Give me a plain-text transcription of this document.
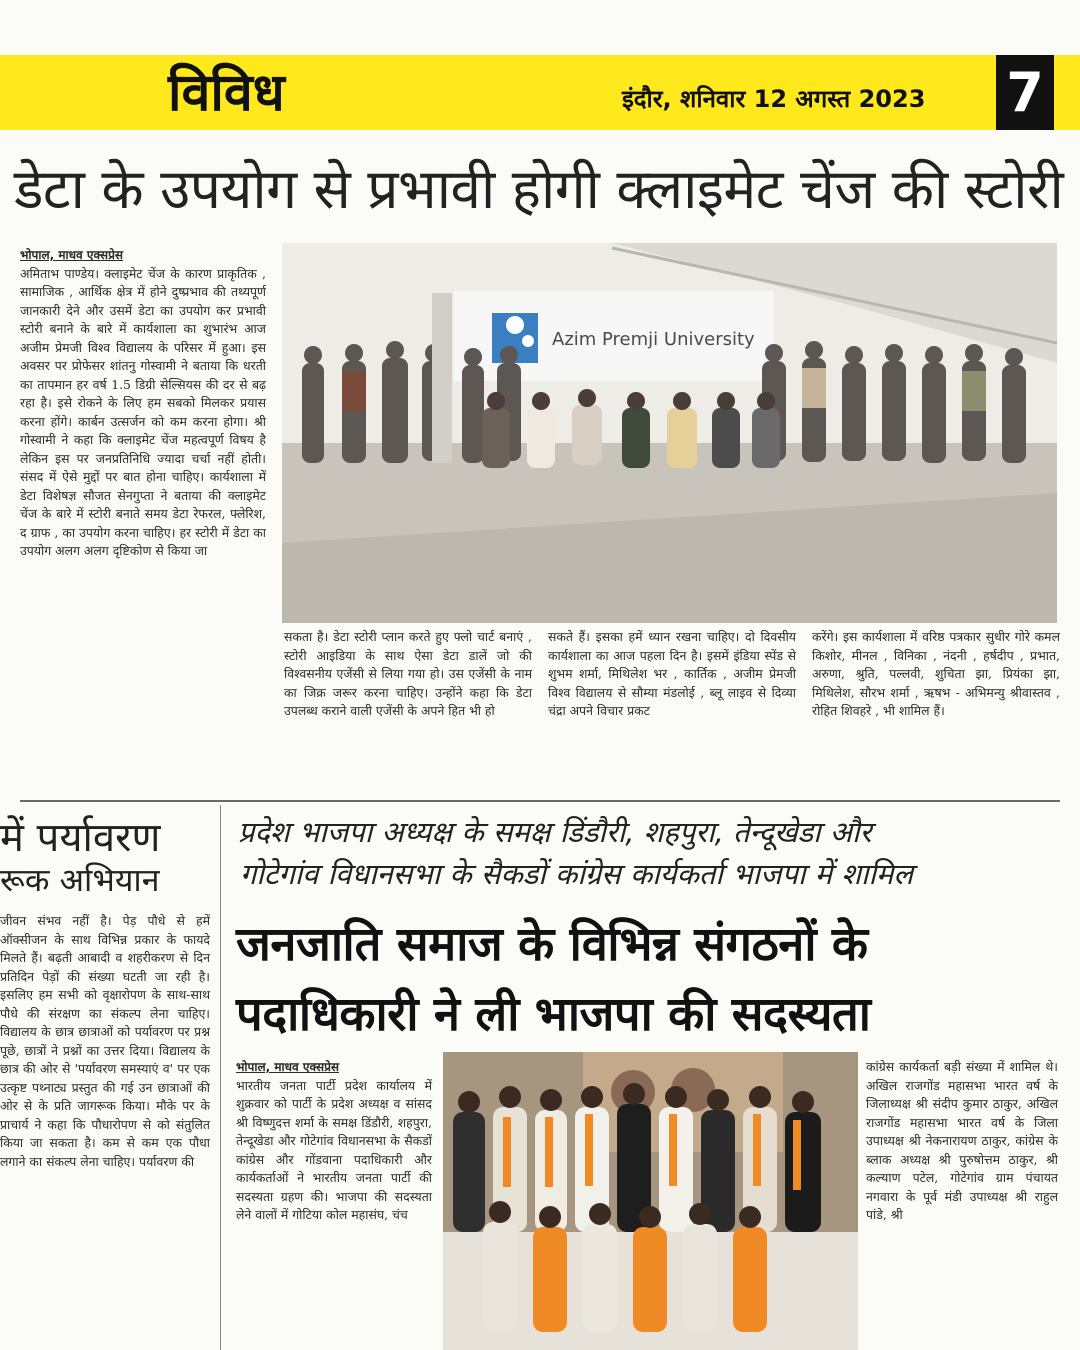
विविध	इंदौर, शनिवार 12 अगस्त 2023 7
डेटा के उपयोग से प्रभावी होगी क्लाइमेट चेंज की स्टोरी
भोपाल, माधव एक्सप्रेस

अमिताभ पाण्डेय। क्लाइमेट चेंज के कारण प्राकृतिक , सामाजिक , आर्थिक क्षेत्र में होने दुष्प्रभाव की तथ्यपूर्ण जानकारी देने और उसमें डेटा का उपयोग कर प्रभावी स्टोरी बनाने के बारे में कार्यशाला का शुभारंभ आज अजीम प्रेमजी विश्व विद्यालय के परिसर में हुआ। इस अवसर पर प्रोफेसर शांतनु गोस्वामी ने बताया कि धरती का तापमान हर वर्ष 1.5 डिग्री सेल्सियस की दर से बढ़ रहा है। इसे रोकने के लिए हम सबको मिलकर प्रयास करना होंगे। कार्बन उत्सर्जन को कम करना होगा। श्री गोस्वामी ने कहा कि क्लाइमेट चेंज महत्वपूर्ण विषय है लेकिन इस पर जनप्रतिनिधि ज्यादा चर्चा नहीं होती। संसद में ऐसे मुद्दों पर बात होना चाहिए। कार्यशाला में डेटा विशेषज्ञ सौजत सेनगुप्ता ने बताया की क्लाइमेट चेंज के बारे में स्टोरी बनाते समय डेटा रेफरल, फ्लेरिश, द ग्राफ , का उपयोग करना चाहिए। हर स्टोरी में डेटा का उपयोग अलग अलग दृष्टिकोण से किया जा

Azim Premji University

सकता है। डेटा स्टोरी प्लान करते हुए फ्लो चार्ट बनाएं , स्टोरी आइडिया के साथ ऐसा डेटा डालें जो की विश्वसनीय एजेंसी से लिया गया हो। उस एजेंसी के नाम का जिक्र जरूर करना चाहिए। उन्होंने कहा कि डेटा उपलब्ध कराने वाली एजेंसी के अपने हित भी हो

सकते हैं। इसका हमें ध्यान रखना चाहिए। दो दिवसीय कार्यशाला का आज पहला दिन है। इसमें इंडिया स्पेंड से शुभम शर्मा, मिथिलेश भर , कार्तिक , अजीम प्रेमजी विश्व विद्यालय से सौम्या मंडलोई , ब्लू लाइव से दिव्या चंद्रा अपने विचार प्रकट

करेंगे। इस कार्यशाला में वरिष्ठ पत्रकार सुधीर गोरे कमल किशोर, मीनल , विनिका , नंदनी , हर्षदीप , प्रभात, अरुणा, श्रुति, पल्लवी, शुचिता झा, प्रियंका झा, मिथिलेश, सौरभ शर्मा , ऋषभ - अभिमन्यु श्रीवास्तव , रोहित शिवहरे , भी शामिल हैं।

में पर्यावरण
रूक अभियान

जीवन संभव नहीं है। पेड़ पौधे से हमें ऑक्सीजन के साथ विभिन्न प्रकार के फायदे मिलते हैं। बढ़ती आबादी व शहरीकरण से दिन प्रतिदिन पेड़ों की संख्या घटती जा रही है। इसलिए हम सभी को वृक्षारोपण के साथ-साथ पौधे की संरक्षण का संकल्प लेना चाहिए। विद्यालय के छात्र छात्राओं को पर्यावरण पर प्रश्न पूछे, छात्रों ने प्रश्नों का उत्तर दिया। विद्यालय के छात्र की ओर से 'पर्यावरण समस्याएं व' पर एक उत्कृष्ट पथ्नाट्य प्रस्तुत की गई उन छात्राओं की ओर से के प्रति जागरूक किया। मौके पर के प्राचार्य ने कहा कि पौधारोपण से को संतुलित किया जा सकता है। कम से कम एक पौधा लगाने का संकल्प लेना चाहिए। पर्यावरण की

प्रदेश भाजपा अध्यक्ष के समक्ष डिंडौरी, शहपुरा, तेन्दूखेडा और
गोटेगांव विधानसभा के सैकडों कांग्रेस कार्यकर्ता भाजपा में शामिल
जनजाति समाज के विभिन्न संगठनों के
पदाधिकारी ने ली भाजपा की सदस्यता
भोपाल, माधव एक्सप्रेस

भारतीय जनता पार्टी प्रदेश कार्यालय में शुक्रवार को पार्टी के प्रदेश अध्यक्ष व सांसद श्री विष्णुदत्त शर्मा के समक्ष डिंडौरी, शहपुरा, तेन्दूखेडा और गोटेगांव विधानसभा के सैकडों कांग्रेस और गोंडवाना पदाधिकारी और कार्यकर्ताओं ने भारतीय जनता पार्टी की सदस्यता ग्रहण की। भाजपा की सदस्यता लेने वालों में गोटिया कोल महासंघ, चंच

कांग्रेस कार्यकर्ता बड़ी संख्या में शामिल थे। अखिल राजगोंड महासभा भारत वर्ष के जिलाध्यक्ष श्री संदीप कुमार ठाकुर, अखिल राजगोंड महासभा भारत वर्ष के जिला उपाध्यक्ष श्री नेकनारायण ठाकुर, कांग्रेस के ब्लाक अध्यक्ष श्री पुरुषोत्तम ठाकुर, श्री कल्याण पटेल, गोटेगांव ग्राम पंचायत नगवारा के पूर्व मंडी उपाध्यक्ष श्री राहुल पांडे, श्री
